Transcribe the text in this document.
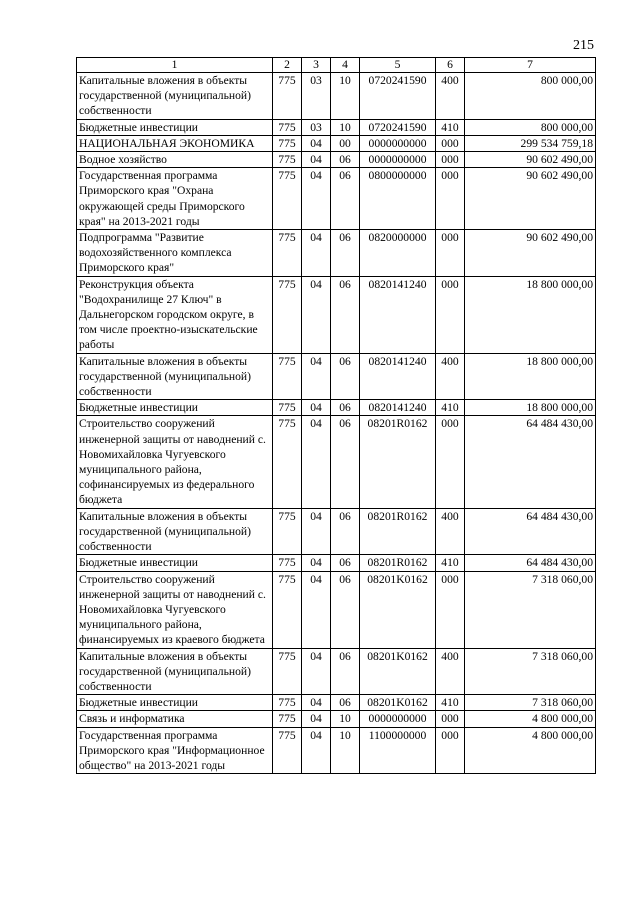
215
1	2	3	4	5	6	7
Капитальные вложения в объекты государственной (муниципальной) собственности	775	03	10	0720241590	400	800 000,00
Бюджетные инвестиции	775	03	10	0720241590	410	800 000,00
НАЦИОНАЛЬНАЯ ЭКОНОМИКА	775	04	00	0000000000	000	299 534 759,18
Водное хозяйство	775	04	06	0000000000	000	90 602 490,00
Государственная программа Приморского края "Охрана окружающей среды Приморского края" на 2013-2021 годы	775	04	06	0800000000	000	90 602 490,00
Подпрограмма "Развитие водохозяйственного комплекса Приморского края"	775	04	06	0820000000	000	90 602 490,00
Реконструкция объекта "Водохранилище 27 Ключ" в Дальнегорском городском округе, в том числе проектно-изыскательские работы	775	04	06	0820141240	000	18 800 000,00
Капитальные вложения в объекты государственной (муниципальной) собственности	775	04	06	0820141240	400	18 800 000,00
Бюджетные инвестиции	775	04	06	0820141240	410	18 800 000,00
Строительство сооружений инженерной защиты от наводнений с. Новомихайловка Чугуевского муниципального района, софинансируемых из федерального бюджета	775	04	06	08201R0162	000	64 484 430,00
Капитальные вложения в объекты государственной (муниципальной) собственности	775	04	06	08201R0162	400	64 484 430,00
Бюджетные инвестиции	775	04	06	08201R0162	410	64 484 430,00
Строительство сооружений инженерной защиты от наводнений с. Новомихайловка Чугуевского муниципального района, финансируемых из краевого бюджета	775	04	06	08201K0162	000	7 318 060,00
Капитальные вложения в объекты государственной (муниципальной) собственности	775	04	06	08201K0162	400	7 318 060,00
Бюджетные инвестиции	775	04	06	08201K0162	410	7 318 060,00
Связь и информатика	775	04	10	0000000000	000	4 800 000,00
Государственная программа Приморского края "Информационное общество" на 2013-2021 годы	775	04	10	1100000000	000	4 800 000,00
